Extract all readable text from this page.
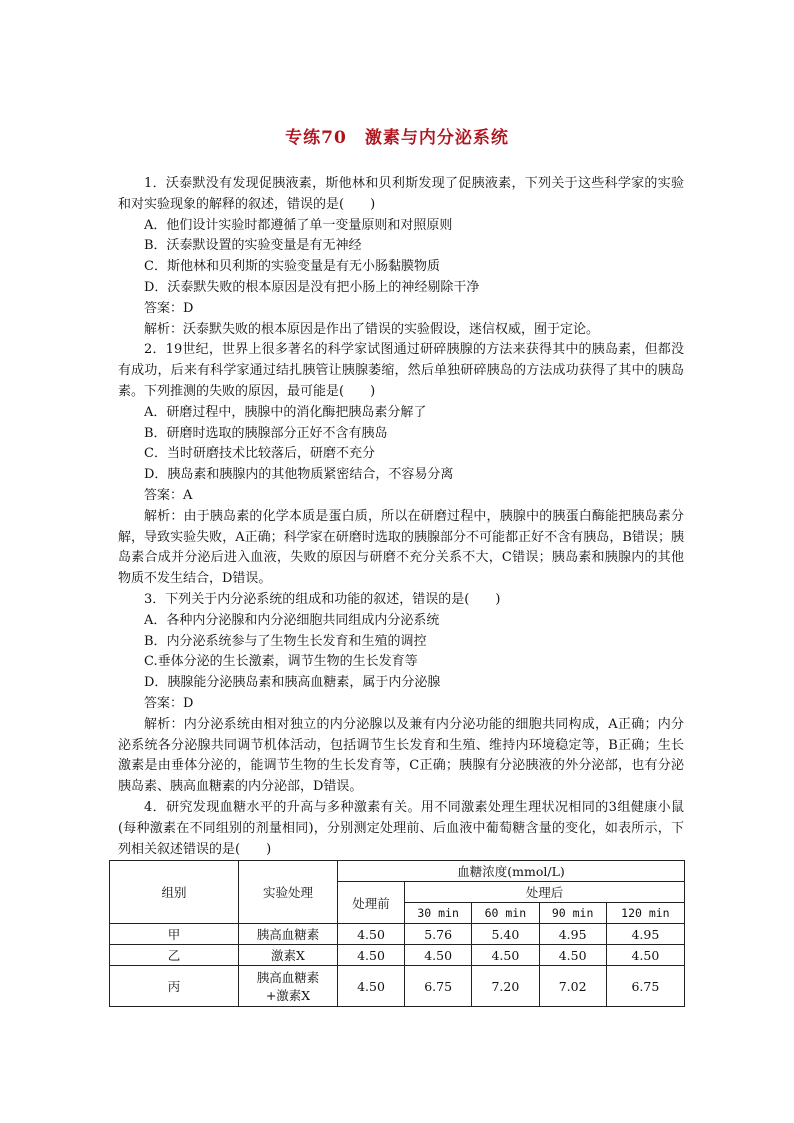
专练70　激素与内分泌系统

1．沃泰默没有发现促胰液素，斯他林和贝利斯发现了促胰液素，下列关于这些科学家的实验和对实验现象的解释的叙述，错误的是(　　)

A．他们设计实验时都遵循了单一变量原则和对照原则

B．沃泰默设置的实验变量是有无神经

C．斯他林和贝利斯的实验变量是有无小肠黏膜物质

D．沃泰默失败的根本原因是没有把小肠上的神经剔除干净

答案：D

解析：沃泰默失败的根本原因是作出了错误的实验假设，迷信权威，囿于定论。

2．19世纪，世界上很多著名的科学家试图通过研碎胰腺的方法来获得其中的胰岛素，但都没有成功，后来有科学家通过结扎胰管让胰腺萎缩，然后单独研碎胰岛的方法成功获得了其中的胰岛素。下列推测的失败的原因，最可能是(　　)

A．研磨过程中，胰腺中的消化酶把胰岛素分解了

B．研磨时选取的胰腺部分正好不含有胰岛

C．当时研磨技术比较落后，研磨不充分

D．胰岛素和胰腺内的其他物质紧密结合，不容易分离

答案：A

解析：由于胰岛素的化学本质是蛋白质，所以在研磨过程中，胰腺中的胰蛋白酶能把胰岛素分解，导致实验失败，A正确；科学家在研磨时选取的胰腺部分不可能都正好不含有胰岛，B错误；胰岛素合成并分泌后进入血液，失败的原因与研磨不充分关系不大，C错误；胰岛素和胰腺内的其他物质不发生结合，D错误。

3．下列关于内分泌系统的组成和功能的叙述，错误的是(　　)

A．各种内分泌腺和内分泌细胞共同组成内分泌系统

B．内分泌系统参与了生物生长发育和生殖的调控

C.垂体分泌的生长激素，调节生物的生长发育等

D．胰腺能分泌胰岛素和胰高血糖素，属于内分泌腺

答案：D

解析：内分泌系统由相对独立的内分泌腺以及兼有内分泌功能的细胞共同构成，A正确；内分泌系统各分泌腺共同调节机体活动，包括调节生长发育和生殖、维持内环境稳定等，B正确；生长激素是由垂体分泌的，能调节生物的生长发育等，C正确；胰腺有分泌胰液的外分泌部，也有分泌胰岛素、胰高血糖素的内分泌部，D错误。

4．研究发现血糖水平的升高与多种激素有关。用不同激素处理生理状况相同的3组健康小鼠(每种激素在不同组别的剂量相同)，分别测定处理前、后血液中葡萄糖含量的变化，如表所示，下列相关叙述错误的是(　　)

组别	实验处理	血糖浓度(mmol/L)				
		处理前	处理后			
			30 min	60 min	90 min	120 min
甲	胰高血糖素	4.50	5.76	5.40	4.95	4.95
乙	激素X	4.50	4.50	4.50	4.50	4.50
丙	胰高血糖素+激素X	4.50	6.75	7.20	7.02	6.75
